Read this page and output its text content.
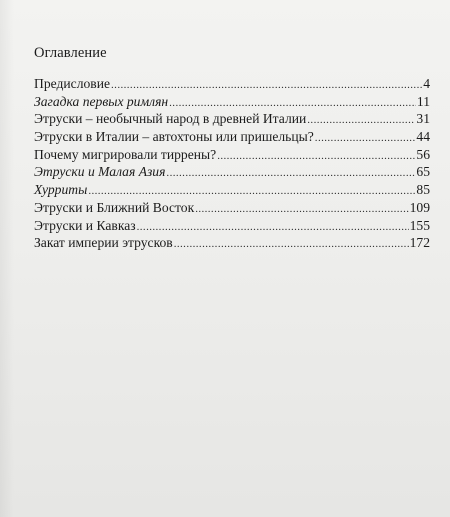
Оглавление
Предисловие .....	4
Загадка первых римлян .....	11
Этруски – необычный народ в древней Италии .....	31
Этруски в Италии – автохтоны или пришельцы? .....	44
Почему мигрировали тиррены? .....	56
Этруски и Малая Азия .....	65
Хурриты .....	85
Этруски и Ближний Восток .....	109
Этруски и Кавказ .....	155
Закат империи этрусков .....	172
